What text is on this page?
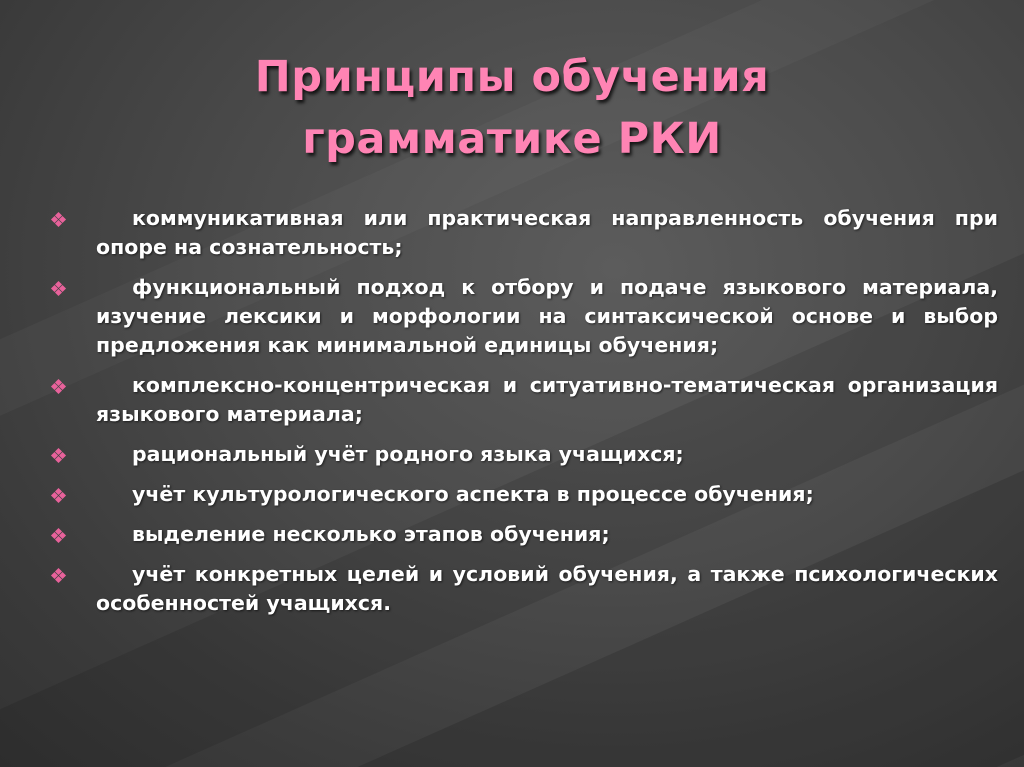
Принципы обучения
грамматике РКИ
коммуникативная или практическая направленность обучения при опоре на сознательность;
функциональный подход к отбору и подаче языкового материала, изучение лексики и морфологии на синтаксической основе и выбор предложения как минимальной единицы обучения;
комплексно-концентрическая и ситуативно-тематическая организация языкового материала;
рациональный учёт родного языка учащихся;
учёт культурологического аспекта в процессе обучения;
выделение несколько этапов обучения;
учёт конкретных целей и условий обучения, а также психологических особенностей учащихся.
